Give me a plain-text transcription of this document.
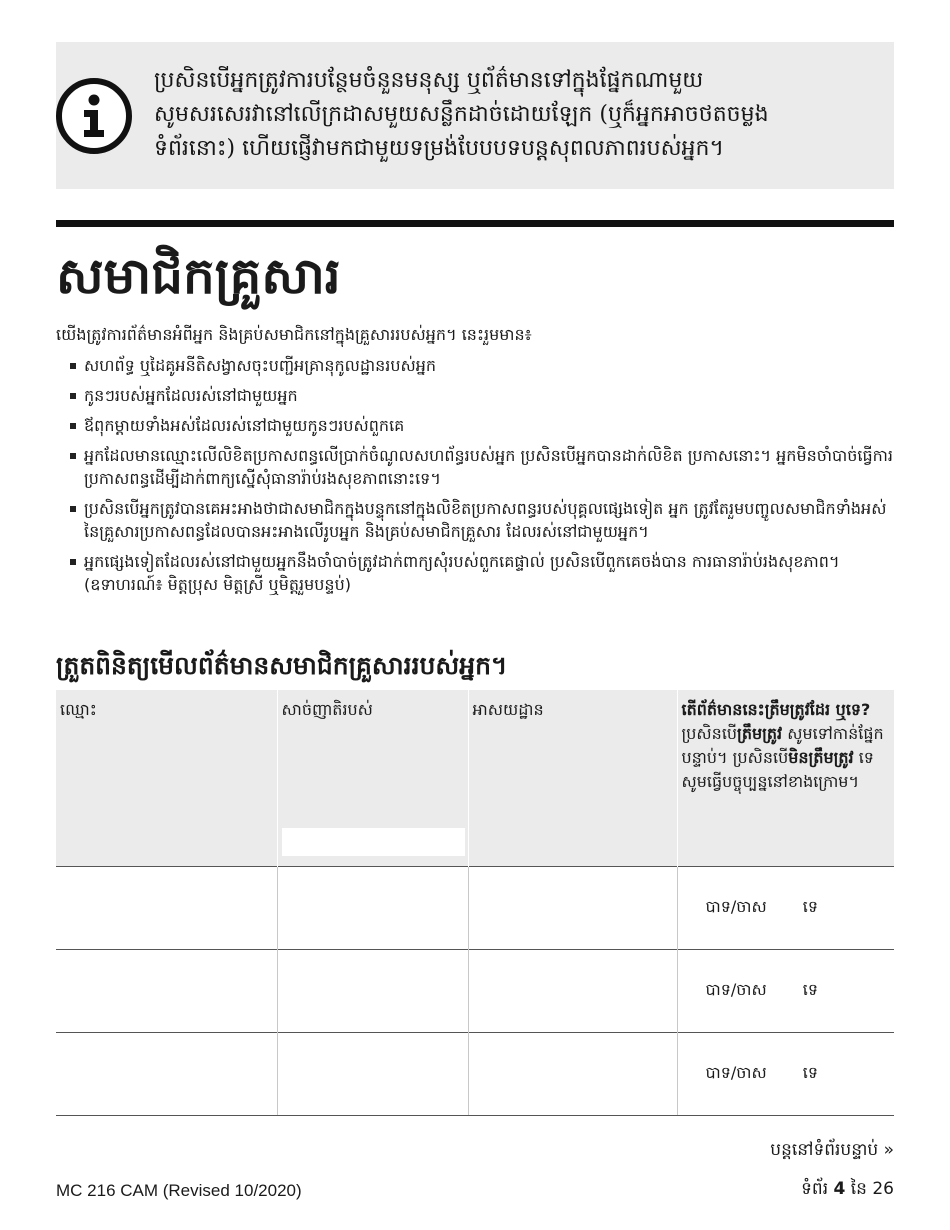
ប្រសិនបើអ្នកត្រូវការបន្ថែមចំនួនមនុស្ស ឬព័ត៌មានទៅក្នុងផ្នែកណាមួយ
សូមសរសេរវានៅលើក្រដាសមួយសន្លឹកដាច់ដោយឡែក (ឬក៏អ្នកអាចថតចម្លង
ទំព័រនោះ) ហើយផ្ញើវាមកជាមួយទម្រង់បែបបទបន្តសុពលភាពរបស់អ្នក។
សមាជិកគ្រួសារ
យើងត្រូវការព័ត៌មានអំពីអ្នក និងគ្រប់សមាជិកនៅក្នុងគ្រួសាររបស់អ្នក។ នេះរួមមាន៖
សហព័ទ្ធ ឬដៃគូអនីតិសង្វាសចុះបញ្ជីអគ្រានុកូលដ្ឋានរបស់អ្នក
កូនៗរបស់អ្នកដែលរស់នៅជាមួយអ្នក
ឪពុកម្តាយទាំងអស់ដែលរស់នៅជាមួយកូនៗរបស់ពួកគេ
អ្នកដែលមានឈ្មោះលើលិខិតប្រកាសពន្ធលើប្រាក់ចំណូលសហព័ន្ធរបស់អ្នក ប្រសិនបើអ្នកបានដាក់លិខិត ប្រកាសនោះ។ អ្នកមិនចាំបាច់ធ្វើការប្រកាសពន្ធដើម្បីដាក់ពាក្យស្នើសុំធានារ៉ាប់រងសុខភាពនោះទេ។
ប្រសិនបើអ្នកត្រូវបានគេអះអាងថាជាសមាជិកក្នុងបន្ទុកនៅក្នុងលិខិតប្រកាសពន្ធរបស់បុគ្គលផ្សេងទៀត អ្នក ត្រូវតែរួមបញ្ចូលសមាជិកទាំងអស់ នៃគ្រួសារប្រកាសពន្ធដែលបានអះអាងលើរូបអ្នក និងគ្រប់សមាជិកគ្រួសារ ដែលរស់នៅជាមួយអ្នក។
អ្នកផ្សេងទៀតដែលរស់នៅជាមួយអ្នកនឹងចាំបាច់ត្រូវដាក់ពាក្យសុំរបស់ពួកគេផ្ទាល់ ប្រសិនបើពួកគេចង់បាន ការធានារ៉ាប់រងសុខភាព។ (ឧទាហរណ៍៖ មិត្តប្រុស មិត្តស្រី ឬមិត្តរួមបន្ទប់)
ត្រួតពិនិត្យមើលព័ត៌មានសមាជិកគ្រួសាររបស់អ្នក។
ឈ្មោះ	សាច់ញាតិរបស់	អាសយដ្ឋាន	តើព័ត៌មាននេះត្រឹមត្រូវដែរ ឬទេ? ប្រសិនបើត្រឹមត្រូវ សូមទៅកាន់ផ្នែកបន្ទាប់។ ប្រសិនបើមិនត្រឹមត្រូវ ទេ សូមធ្វើបច្ចុប្បន្ននៅខាងក្រោម។
			បាទ/ចាស ទេ
			បាទ/ចាស ទេ
			បាទ/ចាស ទេ
បន្តនៅទំព័របន្ទាប់ »
MC 216 CAM (Revised 10/2020)	ទំព័រ 4 នៃ 26
